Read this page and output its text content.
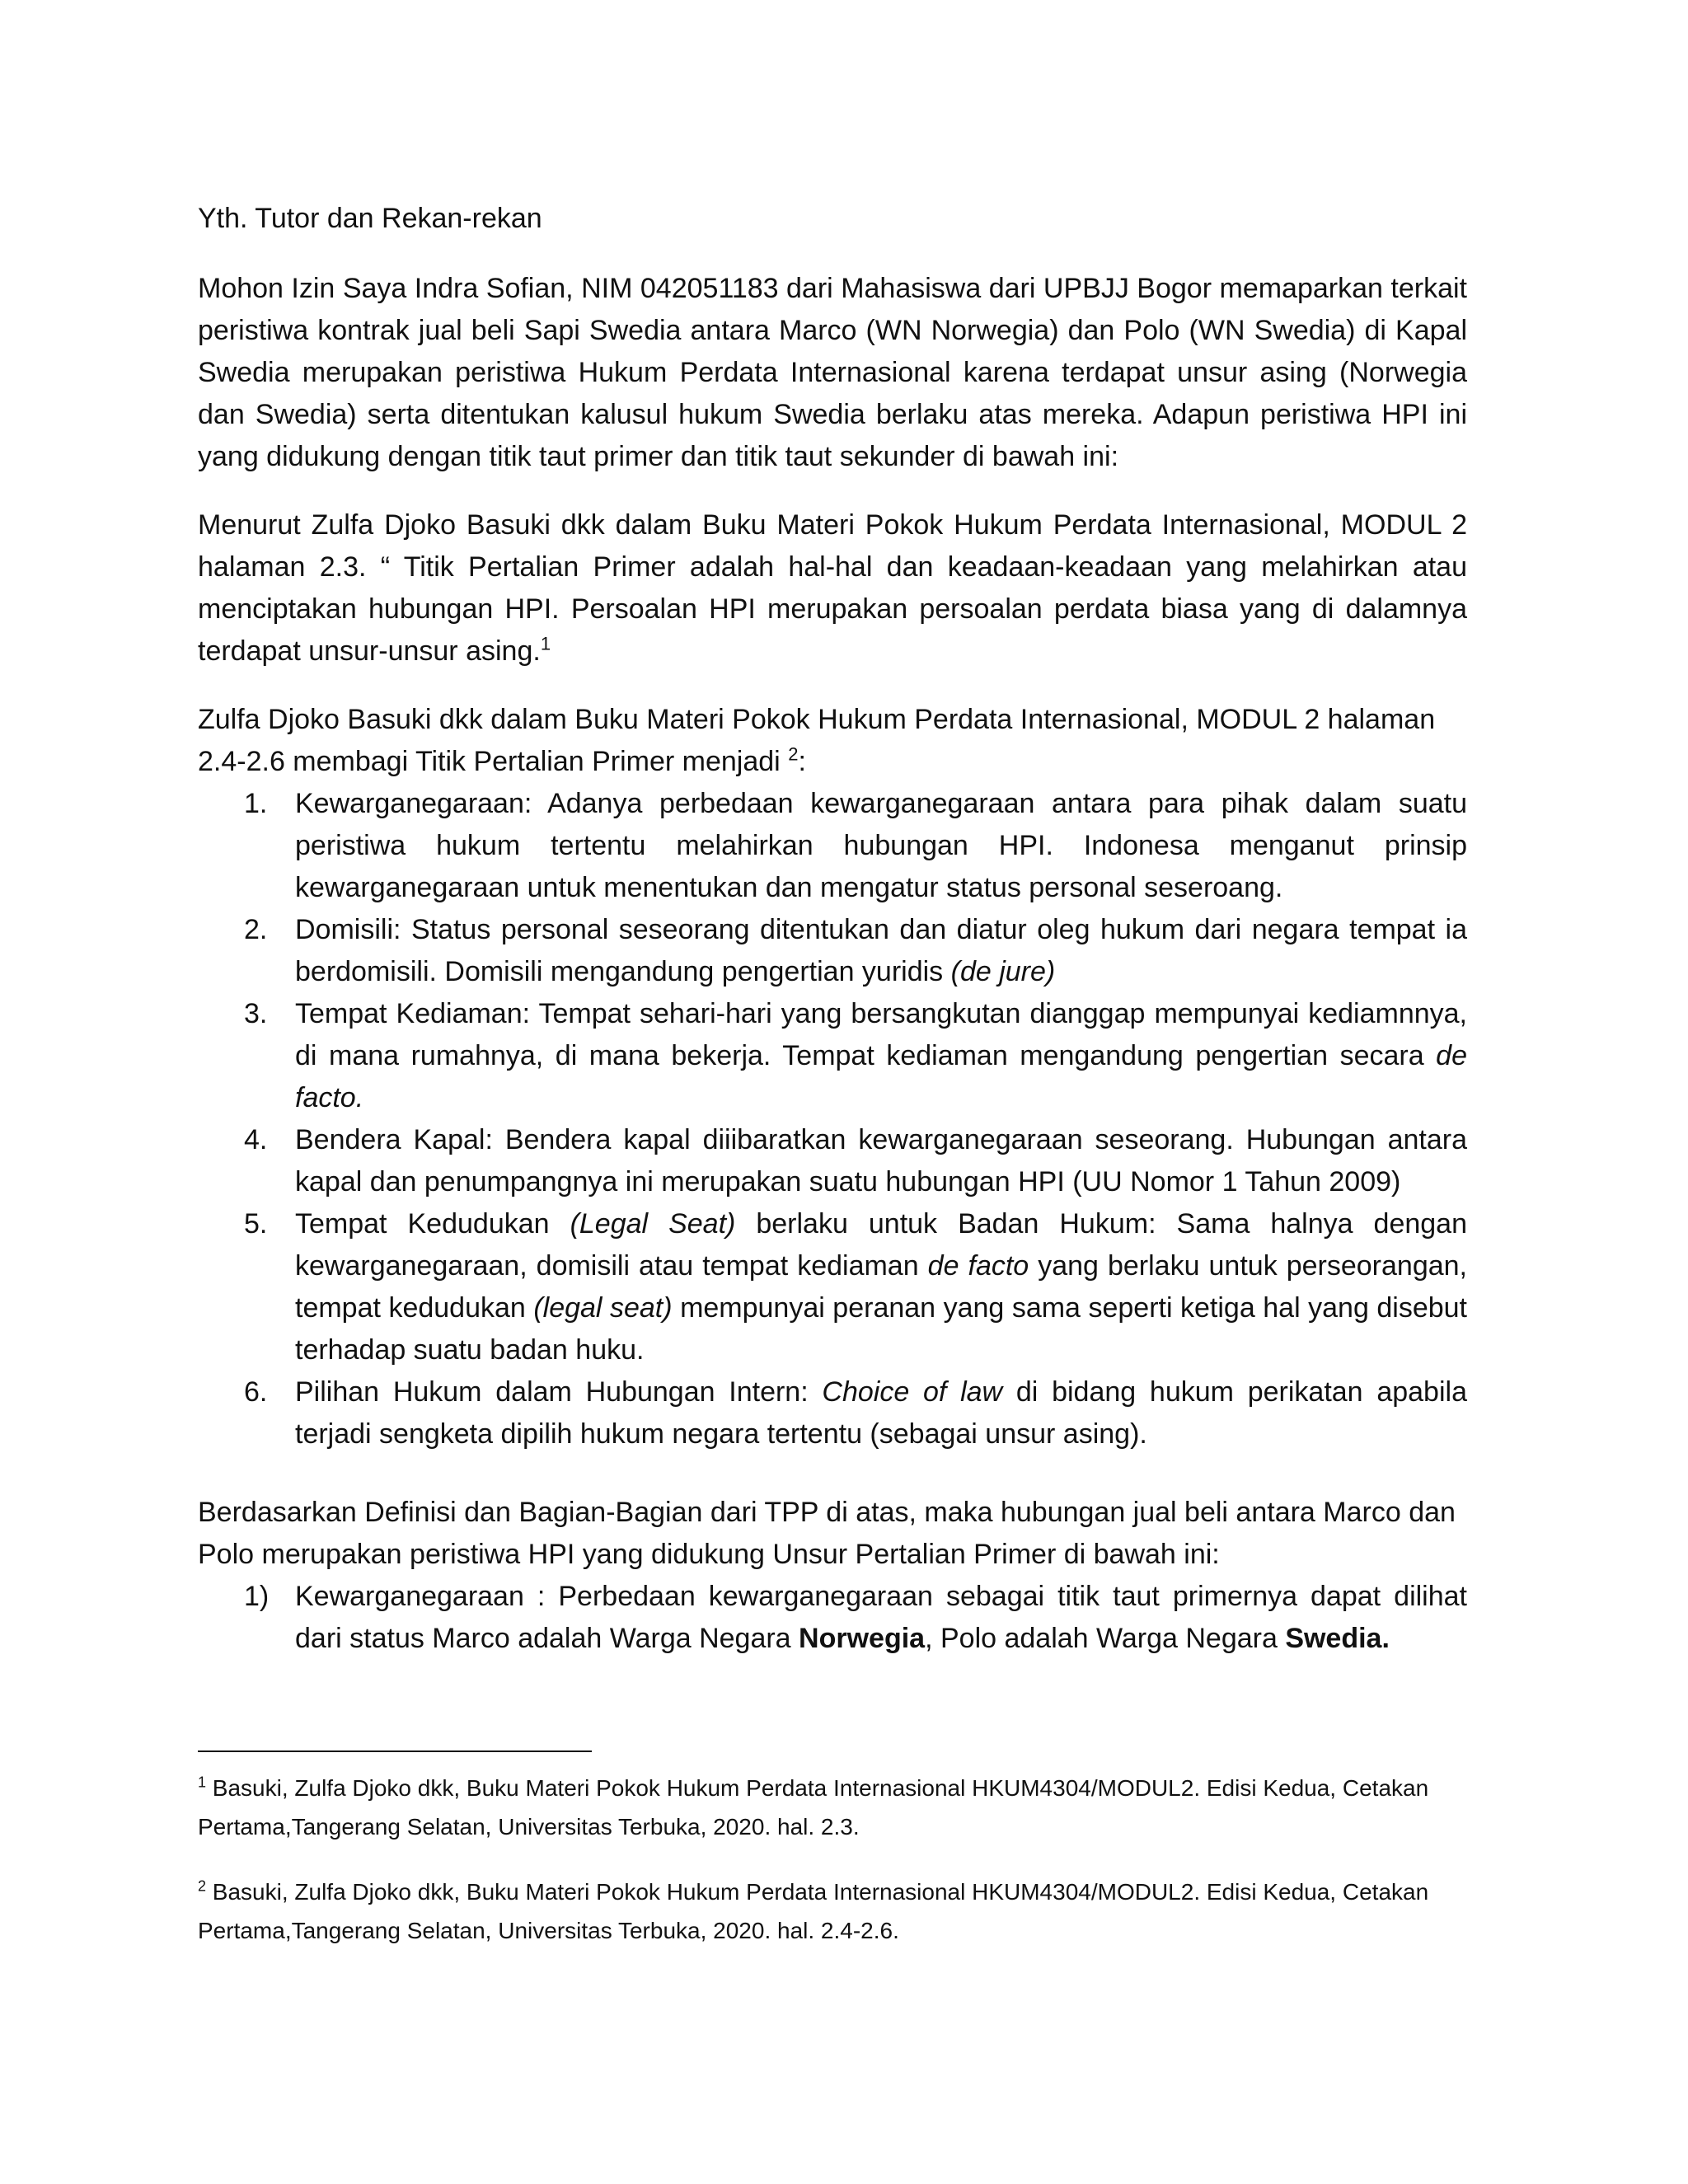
Yth. Tutor dan Rekan-rekan

Mohon Izin Saya Indra Sofian, NIM 042051183 dari Mahasiswa dari UPBJJ Bogor memaparkan terkait peristiwa kontrak jual beli Sapi Swedia antara Marco (WN Norwegia) dan Polo (WN Swedia) di Kapal Swedia merupakan peristiwa Hukum Perdata Internasional karena terdapat unsur asing (Norwegia dan Swedia) serta ditentukan kalusul hukum Swedia berlaku atas mereka. Adapun peristiwa HPI ini yang didukung dengan titik taut primer dan titik taut sekunder di bawah ini:

Menurut Zulfa Djoko Basuki dkk dalam Buku Materi Pokok Hukum Perdata Internasional, MODUL 2 halaman 2.3. “ Titik Pertalian Primer adalah hal-hal dan keadaan-keadaan yang melahirkan atau menciptakan hubungan HPI. Persoalan HPI merupakan persoalan perdata biasa yang di dalamnya terdapat unsur-unsur asing.$^1$

Zulfa Djoko Basuki dkk dalam Buku Materi Pokok Hukum Perdata Internasional, MODUL 2 halaman 2.4-2.6 membagi Titik Pertalian Primer menjadi $^2$:

1. Kewarganegaraan: Adanya perbedaan kewarganegaraan antara para pihak dalam suatu peristiwa hukum tertentu melahirkan hubungan HPI. Indonesa menganut prinsip kewarganegaraan untuk menentukan dan mengatur status personal seseroang.
2. Domisili: Status personal seseorang ditentukan dan diatur oleg hukum dari negara tempat ia berdomisili. Domisili mengandung pengertian yuridis (de jure)
3. Tempat Kediaman: Tempat sehari-hari yang bersangkutan dianggap mempunyai kediamnnya, di mana rumahnya, di mana bekerja. Tempat kediaman mengandung pengertian secara de facto.
4. Bendera Kapal: Bendera kapal diiibaratkan kewarganegaraan seseorang. Hubungan antara kapal dan penumpangnya ini merupakan suatu hubungan HPI (UU Nomor 1 Tahun 2009)
5. Tempat Kedudukan (Legal Seat) berlaku untuk Badan Hukum: Sama halnya dengan kewarganegaraan, domisili atau tempat kediaman de facto yang berlaku untuk perseorangan, tempat kedudukan (legal seat) mempunyai peranan yang sama seperti ketiga hal yang disebut terhadap suatu badan huku.
6. Pilihan Hukum dalam Hubungan Intern: Choice of law di bidang hukum perikatan apabila terjadi sengketa dipilih hukum negara tertentu (sebagai unsur asing).

Berdasarkan Definisi dan Bagian-Bagian dari TPP di atas, maka hubungan jual beli antara Marco dan Polo merupakan peristiwa HPI yang didukung Unsur Pertalian Primer di bawah ini:

1) Kewarganegaraan : Perbedaan kewarganegaraan sebagai titik taut primernya dapat dilihat dari status Marco adalah Warga Negara Norwegia, Polo adalah Warga Negara Swedia.

$^1$ Basuki, Zulfa Djoko dkk, Buku Materi Pokok Hukum Perdata Internasional HKUM4304/MODUL2. Edisi Kedua, Cetakan Pertama,Tangerang Selatan, Universitas Terbuka, 2020. hal. 2.3.

$^2$ Basuki, Zulfa Djoko dkk, Buku Materi Pokok Hukum Perdata Internasional HKUM4304/MODUL2. Edisi Kedua, Cetakan Pertama,Tangerang Selatan, Universitas Terbuka, 2020. hal. 2.4-2.6.
